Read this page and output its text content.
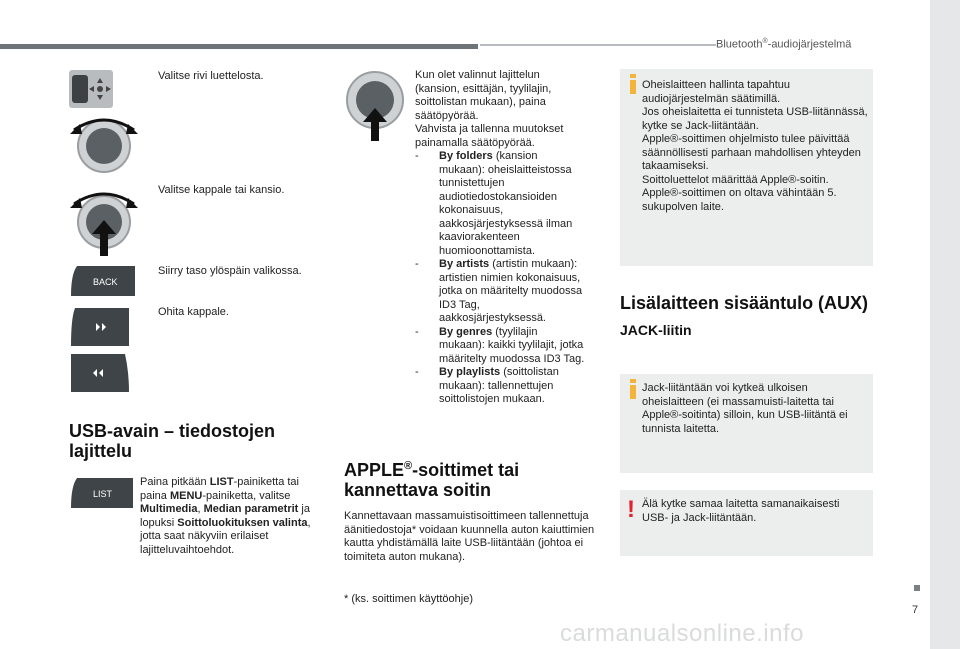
Bluetooth®-audiojärjestelmä
Valitse rivi luettelosta.
Valitse kappale tai kansio.
BACK
Siirry taso ylöspäin valikossa.
Ohita kappale.
USB-avain – tiedostojen lajittelu
LIST
Paina pitkään LIST-painiketta tai paina MENU-painiketta, valitse Multimedia, Median parametrit ja lopuksi Soittoluokituksen valinta, jotta saat näkyviin erilaiset lajitteluvaihtoehdot.
Kun olet valinnut lajittelun (kansion, esittäjän, tyylilajin, soittolistan mukaan), paina säätöpyörää.
Vahvista ja tallenna muutokset painamalla säätöpyörää.
- By folders (kansion mukaan): oheislaitteistossa tunnistettujen audiotiedostokansioiden kokonaisuus, aakkosjärjestyksessä ilman kaaviorakenteen huomioonottamista.
- By artists (artistin mukaan): artistien nimien kokonaisuus, jotka on määritelty muodossa ID3 Tag, aakkosjärjestyksessä.
- By genres (tyylilajin mukaan): kaikki tyylilajit, jotka määritelty muodossa ID3 Tag.
- By playlists (soittolistan mukaan): tallennettujen soittolistojen mukaan.
APPLE®-soittimet tai kannettava soitin
Kannettavaan massamuistisoittimeen tallennettuja äänitiedostoja* voidaan kuunnella auton kaiuttimien kautta yhdistämällä laite USB-liitäntään (johtoa ei toimiteta auton mukana).
* (ks. soittimen käyttöohje)
Oheislaitteen hallinta tapahtuu audiojärjestelmän säätimillä.
Jos oheislaitetta ei tunnisteta USB-liitännässä, kytke se Jack-liitäntään.
Apple®-soittimen ohjelmisto tulee päivittää säännöllisesti parhaan mahdollisen yhteyden takaamiseksi.
Soittoluettelot määrittää Apple®-soitin.
Apple®-soittimen on oltava vähintään 5. sukupolven laite.
Lisälaitteen sisääntulo (AUX)
JACK-liitin
Jack-liitäntään voi kytkeä ulkoisen oheislaitteen (ei massamuisti-laitetta tai Apple®-soitinta) silloin, kun USB-liitäntä ei tunnista laitetta.
! Älä kytke samaa laitetta samanaikaisesti USB- ja Jack-liitäntään.
7
carmanualsonline.info
